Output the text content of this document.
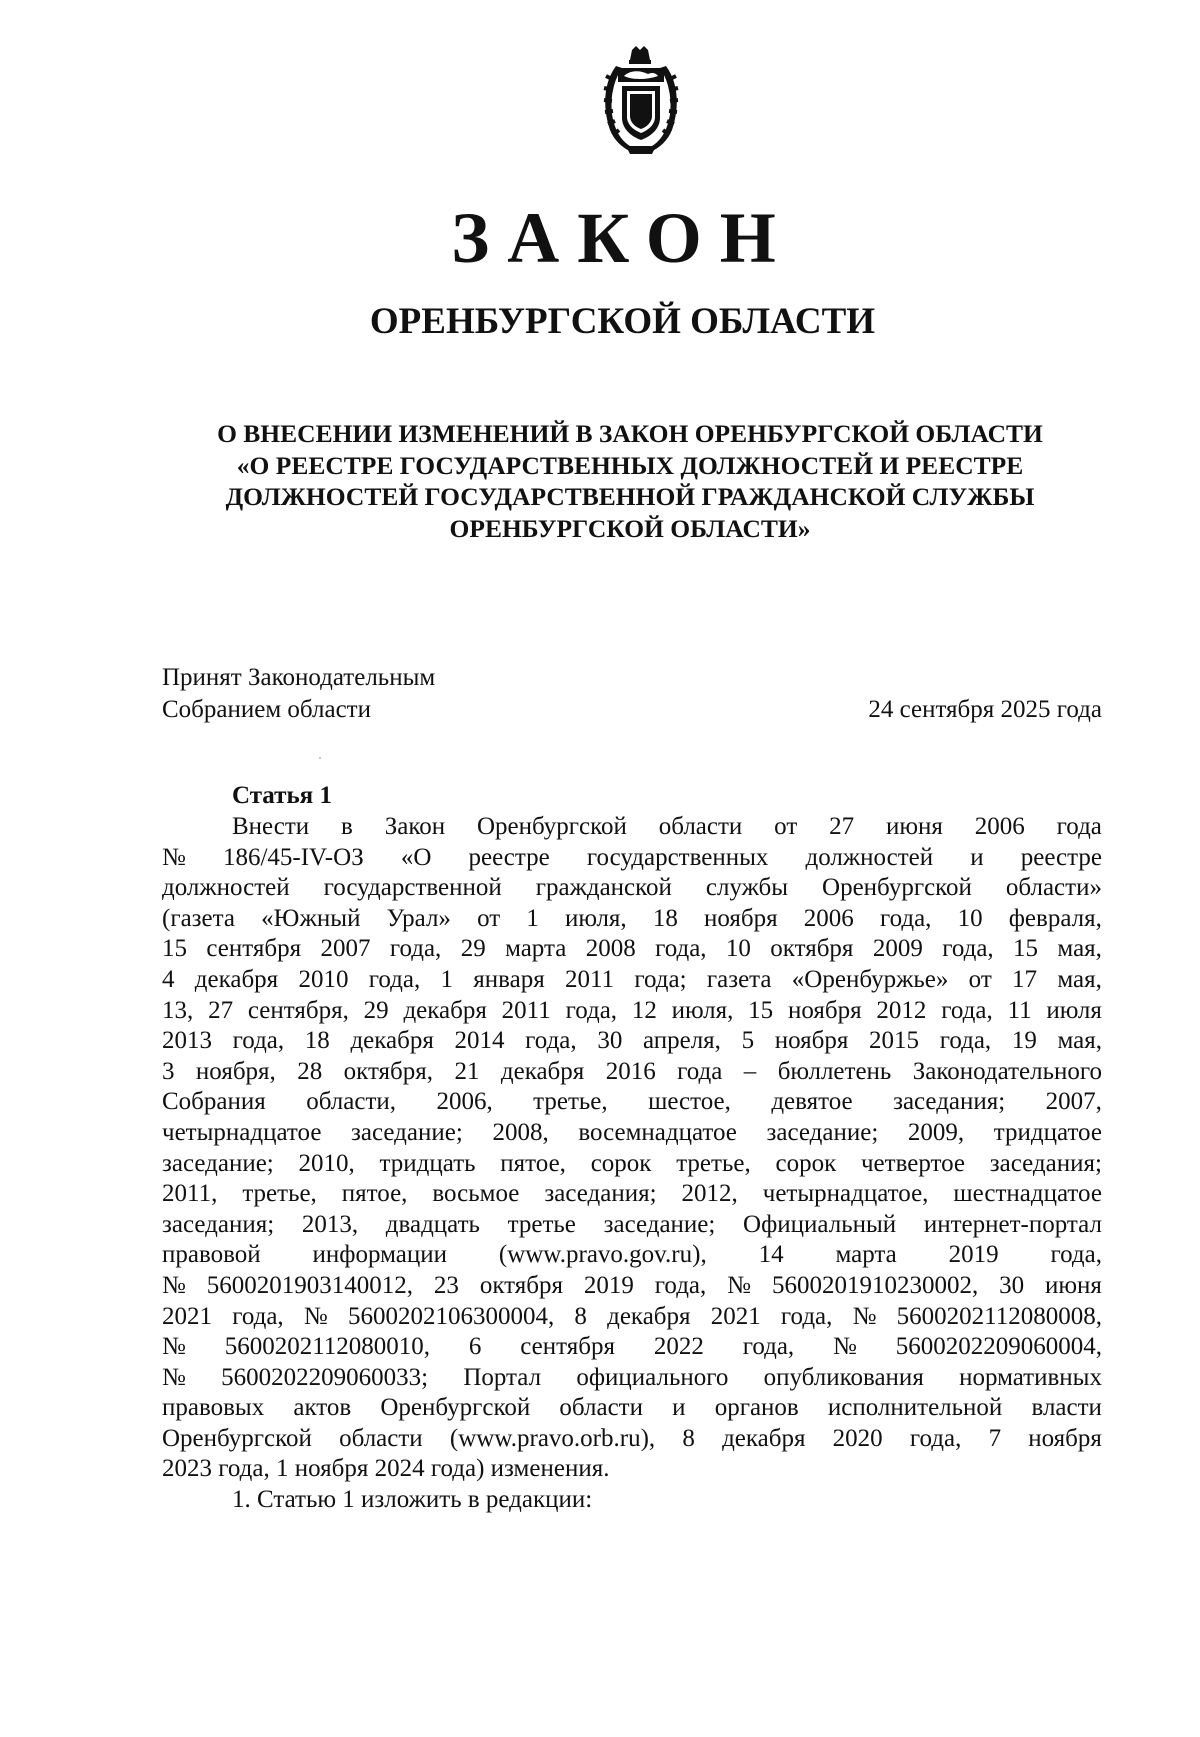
ЗАКОН
ОРЕНБУРГСКОЙ ОБЛАСТИ
О ВНЕСЕНИИ ИЗМЕНЕНИЙ В ЗАКОН ОРЕНБУРГСКОЙ ОБЛАСТИ
«О РЕЕСТРЕ ГОСУДАРСТВЕННЫХ ДОЛЖНОСТЕЙ И РЕЕСТРЕ
ДОЛЖНОСТЕЙ ГОСУДАРСТВЕННОЙ ГРАЖДАНСКОЙ СЛУЖБЫ
ОРЕНБУРГСКОЙ ОБЛАСТИ»
Принят Законодательным
Собранием области	24 сентября 2025 года
Статья 1
Внести в Закон Оренбургской области от 27 июня 2006 года
№ 186/45-IV-ОЗ «О реестре государственных должностей и реестре
должностей государственной гражданской службы Оренбургской области»
(газета «Южный Урал» от 1 июля, 18 ноября 2006 года, 10 февраля,
15 сентября 2007 года, 29 марта 2008 года, 10 октября 2009 года, 15 мая,
4 декабря 2010 года, 1 января 2011 года; газета «Оренбуржье» от 17 мая,
13, 27 сентября, 29 декабря 2011 года, 12 июля, 15 ноября 2012 года, 11 июля
2013 года, 18 декабря 2014 года, 30 апреля, 5 ноября 2015 года, 19 мая,
3 ноября, 28 октября, 21 декабря 2016 года – бюллетень Законодательного
Собрания области, 2006, третье, шестое, девятое заседания; 2007,
четырнадцатое заседание; 2008, восемнадцатое заседание; 2009, тридцатое
заседание; 2010, тридцать пятое, сорок третье, сорок четвертое заседания;
2011, третье, пятое, восьмое заседания; 2012, четырнадцатое, шестнадцатое
заседания; 2013, двадцать третье заседание; Официальный интернет-портал
правовой информации (www.pravo.gov.ru), 14 марта 2019 года,
№ 5600201903140012, 23 октября 2019 года, № 5600201910230002, 30 июня
2021 года, № 5600202106300004, 8 декабря 2021 года, № 5600202112080008,
№ 5600202112080010, 6 сентября 2022 года, № 5600202209060004,
№ 5600202209060033; Портал официального опубликования нормативных
правовых актов Оренбургской области и органов исполнительной власти
Оренбургской области (www.pravo.orb.ru), 8 декабря 2020 года, 7 ноября
2023 года, 1 ноября 2024 года) изменения.
1. Статью 1 изложить в редакции:
